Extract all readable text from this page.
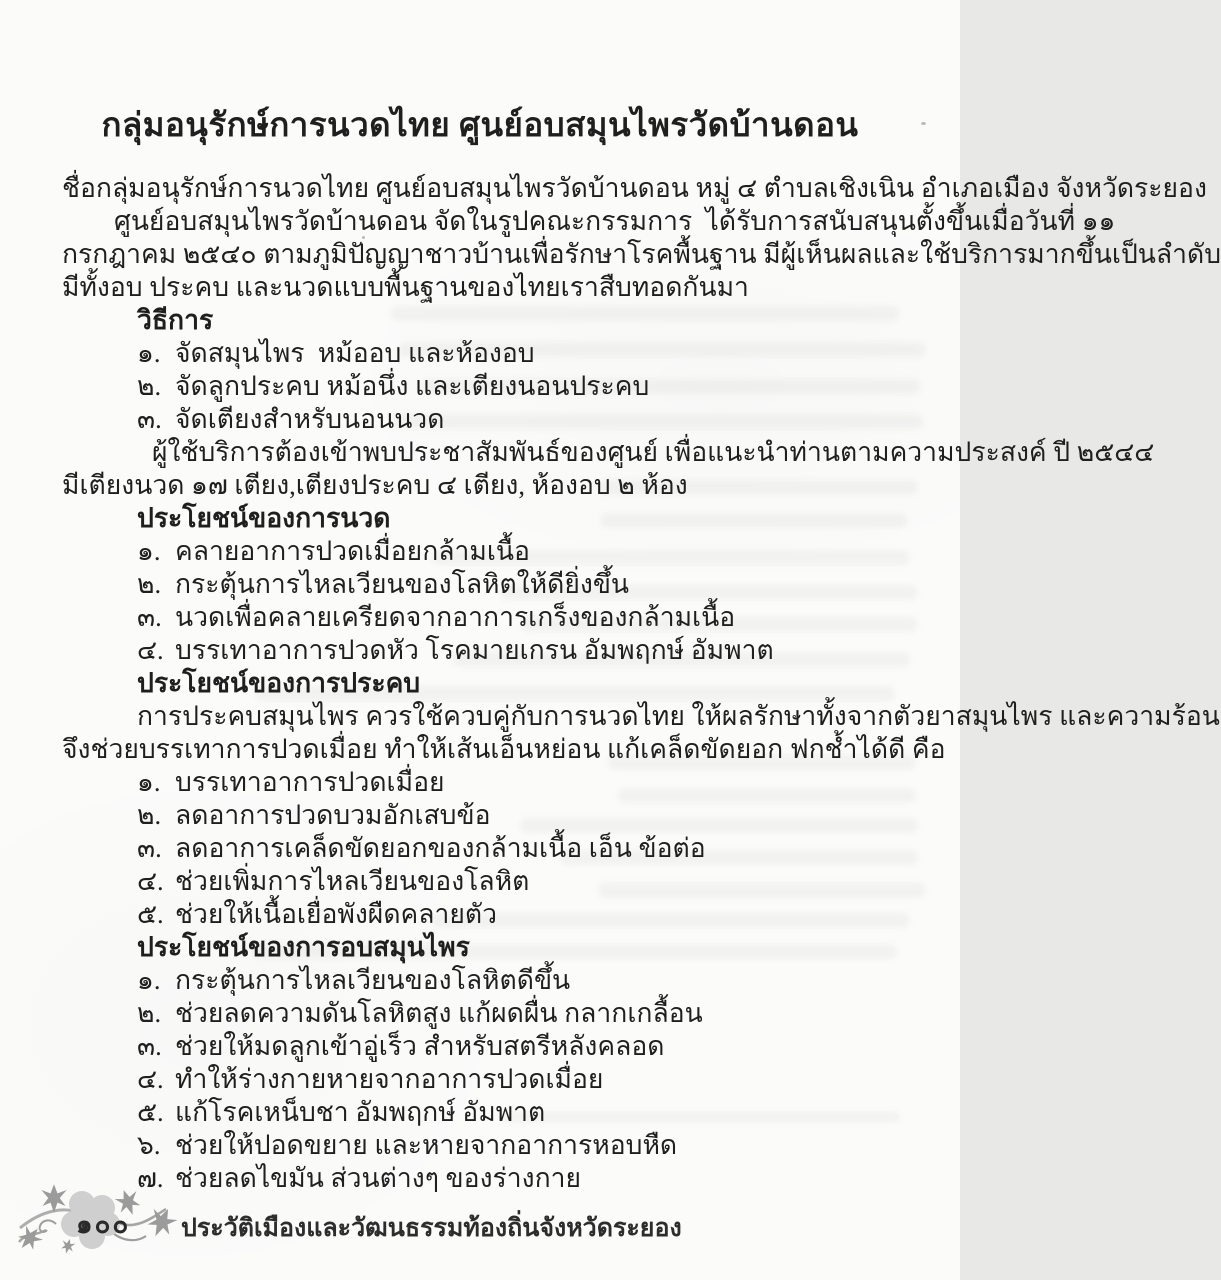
กลุ่มอนุรักษ์การนวดไทย ศูนย์อบสมุนไพรวัดบ้านดอน
ชื่อกลุ่มอนุรักษ์การนวดไทย ศูนย์อบสมุนไพรวัดบ้านดอน หมู่ ๔ ตำบลเชิงเนิน อำเภอเมือง จังหวัดระยอง
ศูนย์อบสมุนไพรวัดบ้านดอน จัดในรูปคณะกรรมการ  ได้รับการสนับสนุนตั้งขึ้นเมื่อวันที่ ๑๑
กรกฎาคม ๒๕๔๐ ตามภูมิปัญญาชาวบ้านเพื่อรักษาโรคพื้นฐาน มีผู้เห็นผลและใช้บริการมากขึ้นเป็นลำดับ
มีทั้งอบ ประคบ และนวดแบบพื้นฐานของไทยเราสืบทอดกันมา
วิธีการ
๑. จัดสมุนไพร  หม้ออบ และห้องอบ
๒. จัดลูกประคบ หม้อนึ่ง และเตียงนอนประคบ
๓. จัดเตียงสำหรับนอนนวด
ผู้ใช้บริการต้องเข้าพบประชาสัมพันธ์ของศูนย์ เพื่อแนะนำท่านตามความประสงค์ ปี ๒๕๔๔
มีเตียงนวด ๑๗ เตียง,เตียงประคบ ๔ เตียง, ห้องอบ ๒ ห้อง
ประโยชน์ของการนวด
๑. คลายอาการปวดเมื่อยกล้ามเนื้อ
๒. กระตุ้นการไหลเวียนของโลหิตให้ดียิ่งขึ้น
๓. นวดเพื่อคลายเครียดจากอาการเกร็งของกล้ามเนื้อ
๔. บรรเทาอาการปวดหัว โรคมายเกรน อัมพฤกษ์ อัมพาต
ประโยชน์ของการประคบ
การประคบสมุนไพร ควรใช้ควบคู่กับการนวดไทย ให้ผลรักษาทั้งจากตัวยาสมุนไพร และความร้อน
จึงช่วยบรรเทาการปวดเมื่อย ทำให้เส้นเอ็นหย่อน แก้เคล็ดขัดยอก ฟกช้ำได้ดี คือ
๑. บรรเทาอาการปวดเมื่อย
๒. ลดอาการปวดบวมอักเสบข้อ
๓. ลดอาการเคล็ดขัดยอกของกล้ามเนื้อ เอ็น ข้อต่อ
๔. ช่วยเพิ่มการไหลเวียนของโลหิต
๕. ช่วยให้เนื้อเยื่อพังผืดคลายตัว
ประโยชน์ของการอบสมุนไพร
๑. กระตุ้นการไหลเวียนของโลหิตดีขึ้น
๒. ช่วยลดความดันโลหิตสูง แก้ผดผื่น กลากเกลื้อน
๓. ช่วยให้มดลูกเข้าอู่เร็ว สำหรับสตรีหลังคลอด
๔. ทำให้ร่างกายหายจากอาการปวดเมื่อย
๕. แก้โรคเหน็บชา อัมพฤกษ์ อัมพาต
๖. ช่วยให้ปอดขยาย และหายจากอาการหอบหืด
๗. ช่วยลดไขมัน ส่วนต่างๆ ของร่างกาย
๑๐๐ ประวัติเมืองและวัฒนธรรมท้องถิ่นจังหวัดระยอง
